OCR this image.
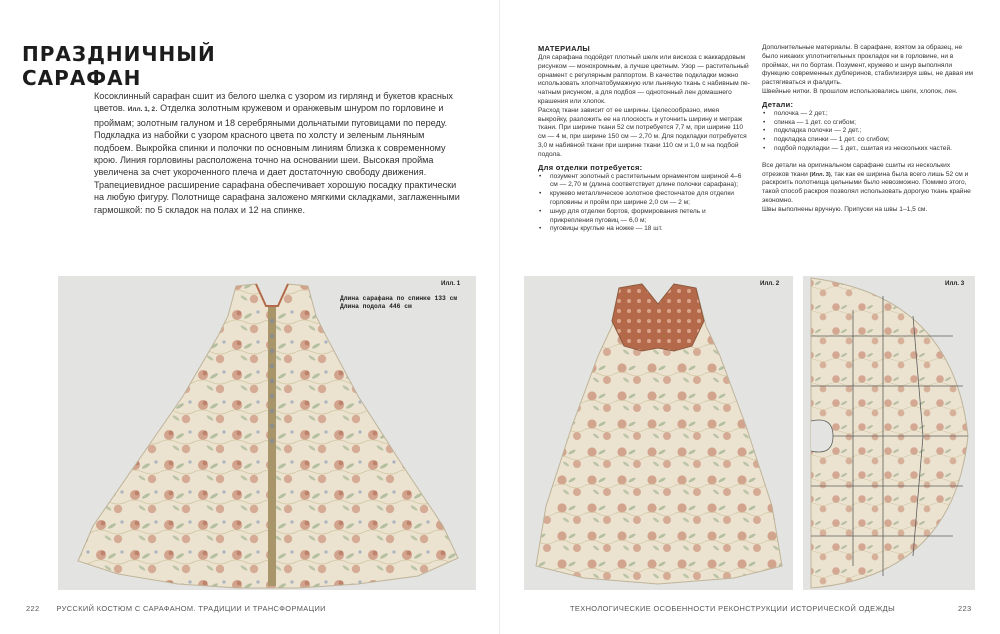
ПРАЗДНИЧНЫЙ
САРАФАН

Косоклинный сарафан сшит из белого шелка с узором из гирлянд и букетов красных цветов. Илл. 1, 2. Отделка золотным кружевом и оранжевым шнуром по горловине и проймам; золотным галуном и 18 серебряными дольчатыми пуговицами по переду. Подкладка из набойки с узором красного цвета по холсту и зеленым льняным подбоем. Выкройка спинки и полочки по основным линиям близка к современному крою. Линия горловины расположена точно на основании шеи. Высокая пройма увеличена за счет укороченного плеча и дает достаточную свободу движения. Трапециевидное расширение сарафана обеспечивает хорошую посадку практически на любую фигуру. Полотнище сарафана заложено мягкими складками, заглаженными гармошкой: по 5 складок на полах и 12 на спинке.

Илл. 1
Длина сарафана по спинке 133 см
Длина подола 446 см
222 РУССКИЙ КОСТЮМ С САРАФАНОМ. ТРАДИЦИИ И ТРАНСФОРМАЦИИ
МАТЕРИАЛЫ

Для сарафана подойдет плотный шелк или вискоза с жаккардовым рисунком — монохромным, а лучше цветным. Узор — растительный орнамент с регулярным раппортом. В качестве подкладки можно использовать хлопчатобумажную или льняную ткань с набивным печатным рисунком, а для подбоя — однотонный лен домашнего крашения или хлопок.

Расход ткани зависит от ее ширины. Целесообразно, имея выкройку, разложить ее на плоскость и уточнить ширину и метраж ткани. При ширине ткани 52 см потребуется 7,7 м, при ширине 110 см — 4 м, при ширине 150 см — 2,70 м. Для подкладки потребуется 3,0 м набивной ткани при ширине ткани 110 см и 1,0 м на подбой подола.

Для отделки потребуется:
• позумент золотный с растительным орнаментом шириной 4–6 см — 2,70 м (длина соответствует длине полочки сарафана);
• кружево металлическое золотное фестончатое для отделки горловины и пройм при ширине 2,0 см — 2 м;
• шнур для отделки бортов, формирования петель и прикрепления пуговиц — 6,0 м;
• пуговицы круглые на ножке — 18 шт.

Дополнительные материалы. В сарафане, взятом за образец, не было никаких уплотнительных прокладок ни в горловине, ни в проймах, ни по бортам. Позумент, кружево и шнур выполняли функцию современных дублеринов, стабилизируя швы, не давая им растягиваться и фалдить.

Швейные нитки. В прошлом использовались шелк, хлопок, лен.

Детали:
• полочка — 2 дет.;
• спинка — 1 дет. со сгибом;
• подкладка полочки — 2 дет.;
• подкладка спинки — 1 дет. со сгибом;
• подбой подкладки — 1 дет., сшитая из нескольких частей.

Все детали на оригинальном сарафане сшиты из нескольких отрезков ткани (Илл. 3), так как ее ширина была всего лишь 52 см и раскроить полотнища цельными было невозможно. Помимо этого, такой способ раскроя позволял использовать дорогую ткань крайне экономно.

Швы выполнены вручную. Припуски на швы 1–1,5 см.

Илл. 2	Илл. 3
ТЕХНОЛОГИЧЕСКИЕ ОСОБЕННОСТИ РЕКОНСТРУКЦИИ ИСТОРИЧЕСКОЙ ОДЕЖДЫ	223
